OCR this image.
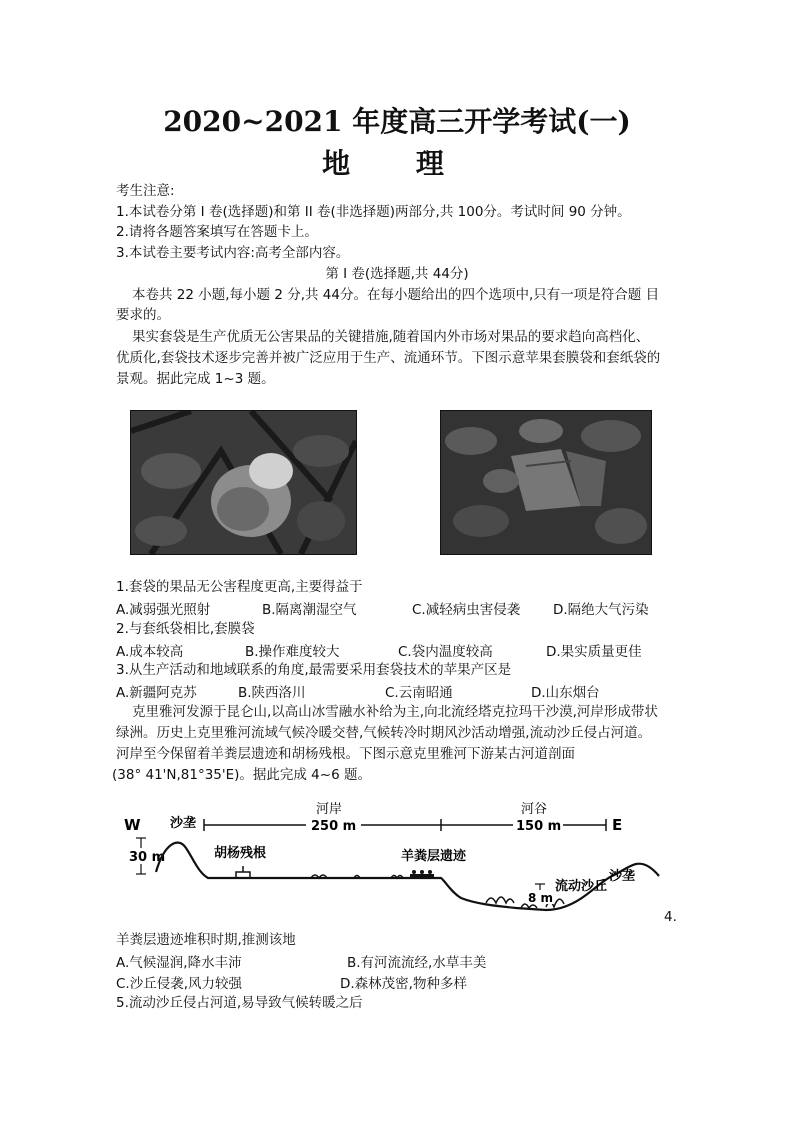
2020~2021 年度高三开学考试(一)
地 理
考生注意:
1.本试卷分第 I 卷(选择题)和第 II 卷(非选择题)两部分,共 100分。考试时间 90 分钟。
2.请将各题答案填写在答题卡上。
3.本试卷主要考试内容:高考全部内容。
第 I 卷(选择题,共 44分)
本卷共 22 小题,每小题 2 分,共 44分。在每小题给出的四个选项中,只有一项是符合题 目
要求的。
果实套袋是生产优质无公害果品的关键措施,随着国内外市场对果品的要求趋向高档化、
优质化,套袋技术逐步完善并被广泛应用于生产、流通环节。下图示意苹果套膜袋和套纸袋的
景观。据此完成 1~3 题。
1.套袋的果品无公害程度更高,主要得益于
A.减弱强光照射	B.隔离潮湿空气	C.减轻病虫害侵袭 D.隔绝大气污染
2.与套纸袋相比,套膜袋
A.成本较高	B.操作难度较大	C.袋内温度较高	D.果实质量更佳
3.从生产活动和地域联系的角度,最需要采用套袋技术的苹果产区是
A.新疆阿克苏	B.陕西洛川	C.云南昭通	D.山东烟台
克里雅河发源于昆仑山,以高山冰雪融水补给为主,向北流经塔克拉玛干沙漠,河岸形成带状
绿洲。历史上克里雅河流域气候冷暖交替,气候转冷时期风沙活动增强,流动沙丘侵占河道。
河岸至今保留着羊粪层遗迹和胡杨残根。下图示意克里雅河下游某古河道剖面
(38° 41'N,81°35'E)。据此完成 4~6 题。
W	E
沙垄
河岸
250 m
河谷
150 m
30 m	胡杨残根	羊粪层遗迹
8 m
流动沙丘
沙垄
4.
羊粪层遗迹堆积时期,推测该地
A.气候湿润,降水丰沛	B.有河流流经,水草丰美
C.沙丘侵袭,风力较强	D.森林茂密,物种多样
5.流动沙丘侵占河道,易导致气候转暖之后
